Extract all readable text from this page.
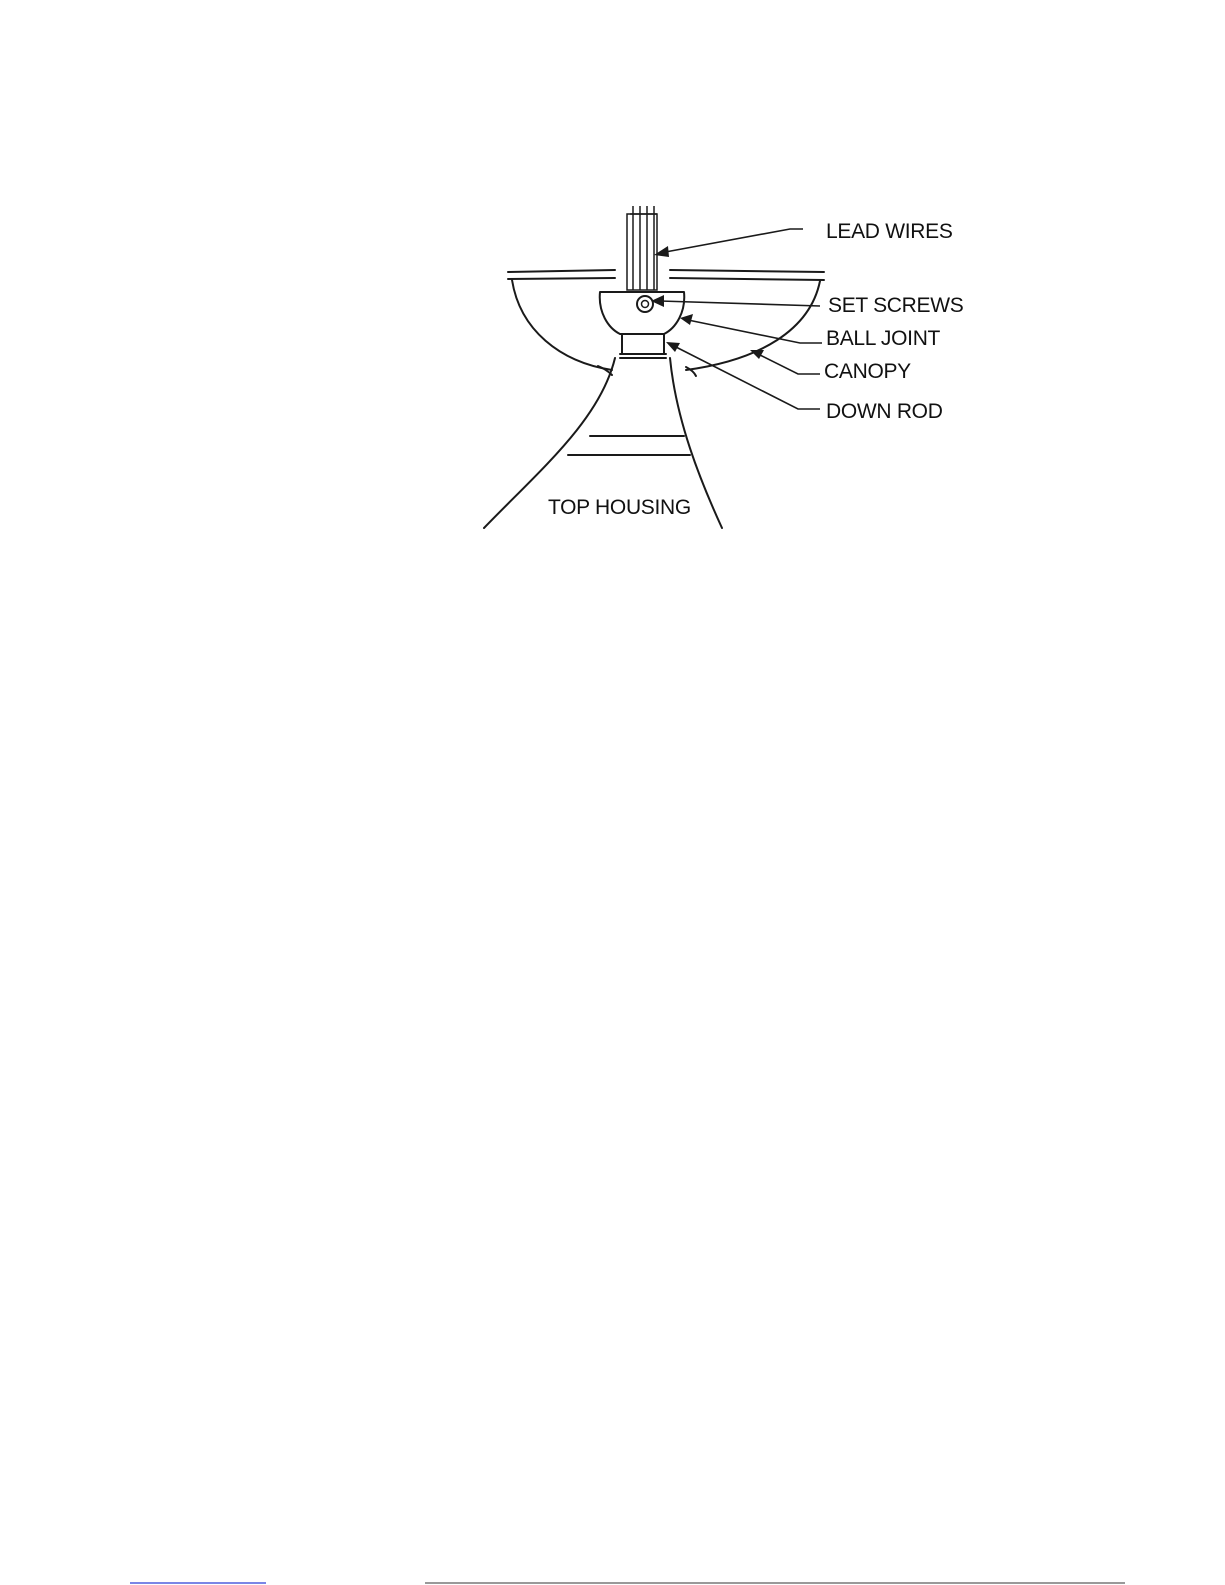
LEAD WIRES
SET SCREWS
BALL JOINT
CANOPY
DOWN ROD
TOP HOUSING
